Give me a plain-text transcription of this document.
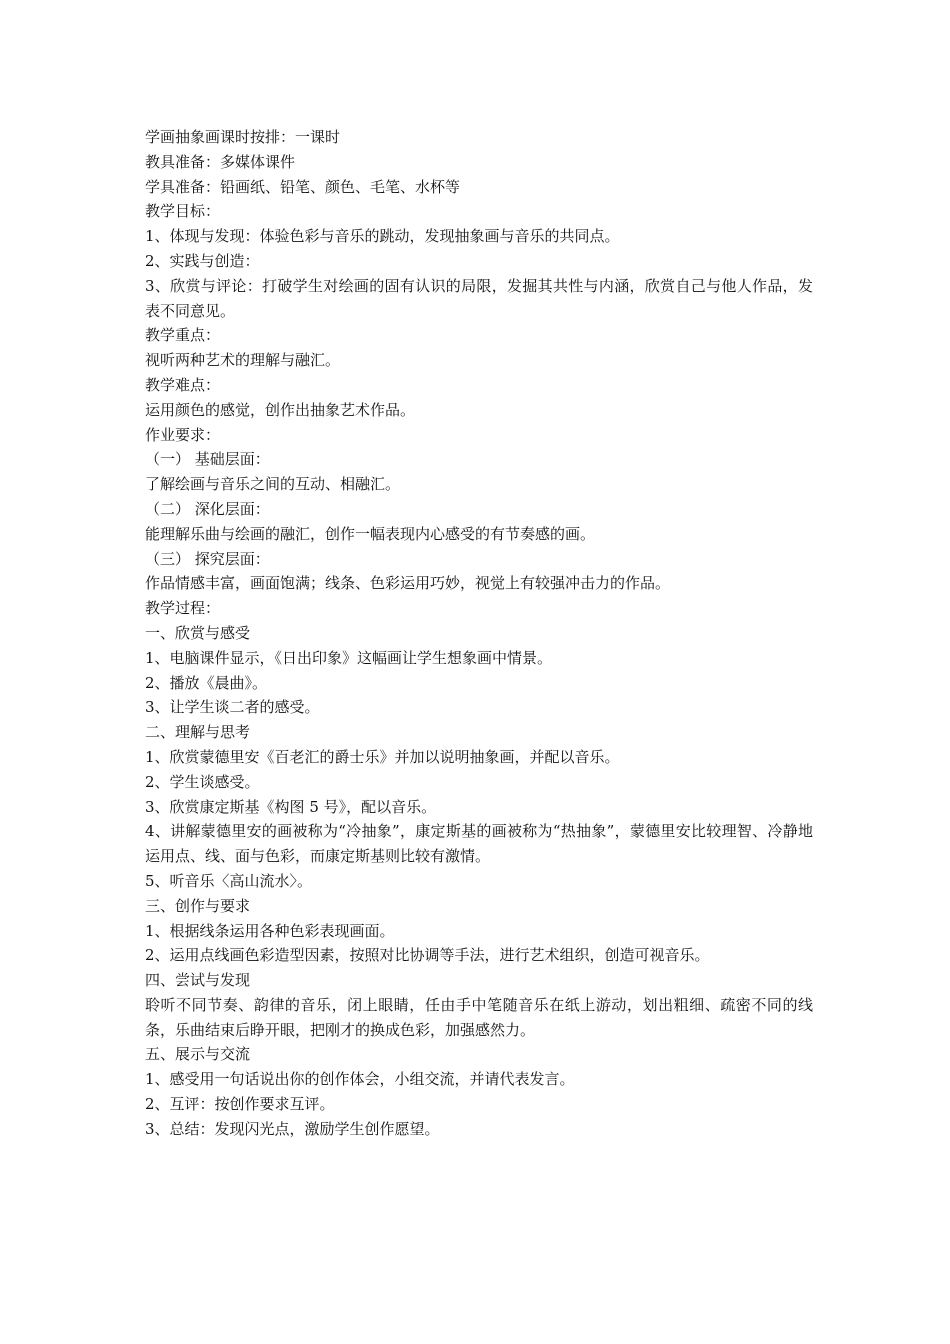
学画抽象画课时按排：一课时
教具准备：多媒体课件
学具准备：铅画纸、铅笔、颜色、毛笔、水杯等
教学目标：
1、体现与发现：体验色彩与音乐的跳动，发现抽象画与音乐的共同点。
2、实践与创造：
3、欣赏与评论：打破学生对绘画的固有认识的局限，发掘其共性与内涵，欣赏自己与他人作品，发表不同意见。
教学重点：
视听两种艺术的理解与融汇。
教学难点：
运用颜色的感觉，创作出抽象艺术作品。
作业要求：
（一） 基础层面：
了解绘画与音乐之间的互动、相融汇。
（二） 深化层面：
能理解乐曲与绘画的融汇，创作一幅表现内心感受的有节奏感的画。
（三） 探究层面：
作品情感丰富，画面饱满；线条、色彩运用巧妙，视觉上有较强冲击力的作品。
教学过程：
一、欣赏与感受
1、电脑课件显示，《日出印象》这幅画让学生想象画中情景。
2、播放《晨曲》。
3、让学生谈二者的感受。
二、理解与思考
1、欣赏蒙德里安《百老汇的爵士乐》并加以说明抽象画，并配以音乐。
2、学生谈感受。
3、欣赏康定斯基《构图 5 号》，配以音乐。
4、讲解蒙德里安的画被称为“冷抽象”，康定斯基的画被称为“热抽象”，蒙德里安比较理智、冷静地运用点、线、面与色彩，而康定斯基则比较有激情。
5、听音乐〈高山流水〉。
三、创作与要求
1、根据线条运用各种色彩表现画面。
2、运用点线画色彩造型因素，按照对比协调等手法，进行艺术组织，创造可视音乐。
四、尝试与发现
聆听不同节奏、韵律的音乐，闭上眼睛，任由手中笔随音乐在纸上游动，划出粗细、疏密不同的线条，乐曲结束后睁开眼，把刚才的换成色彩，加强感然力。
五、展示与交流
1、感受用一句话说出你的创作体会，小组交流，并请代表发言。
2、互评：按创作要求互评。
3、总结：发现闪光点，激励学生创作愿望。
